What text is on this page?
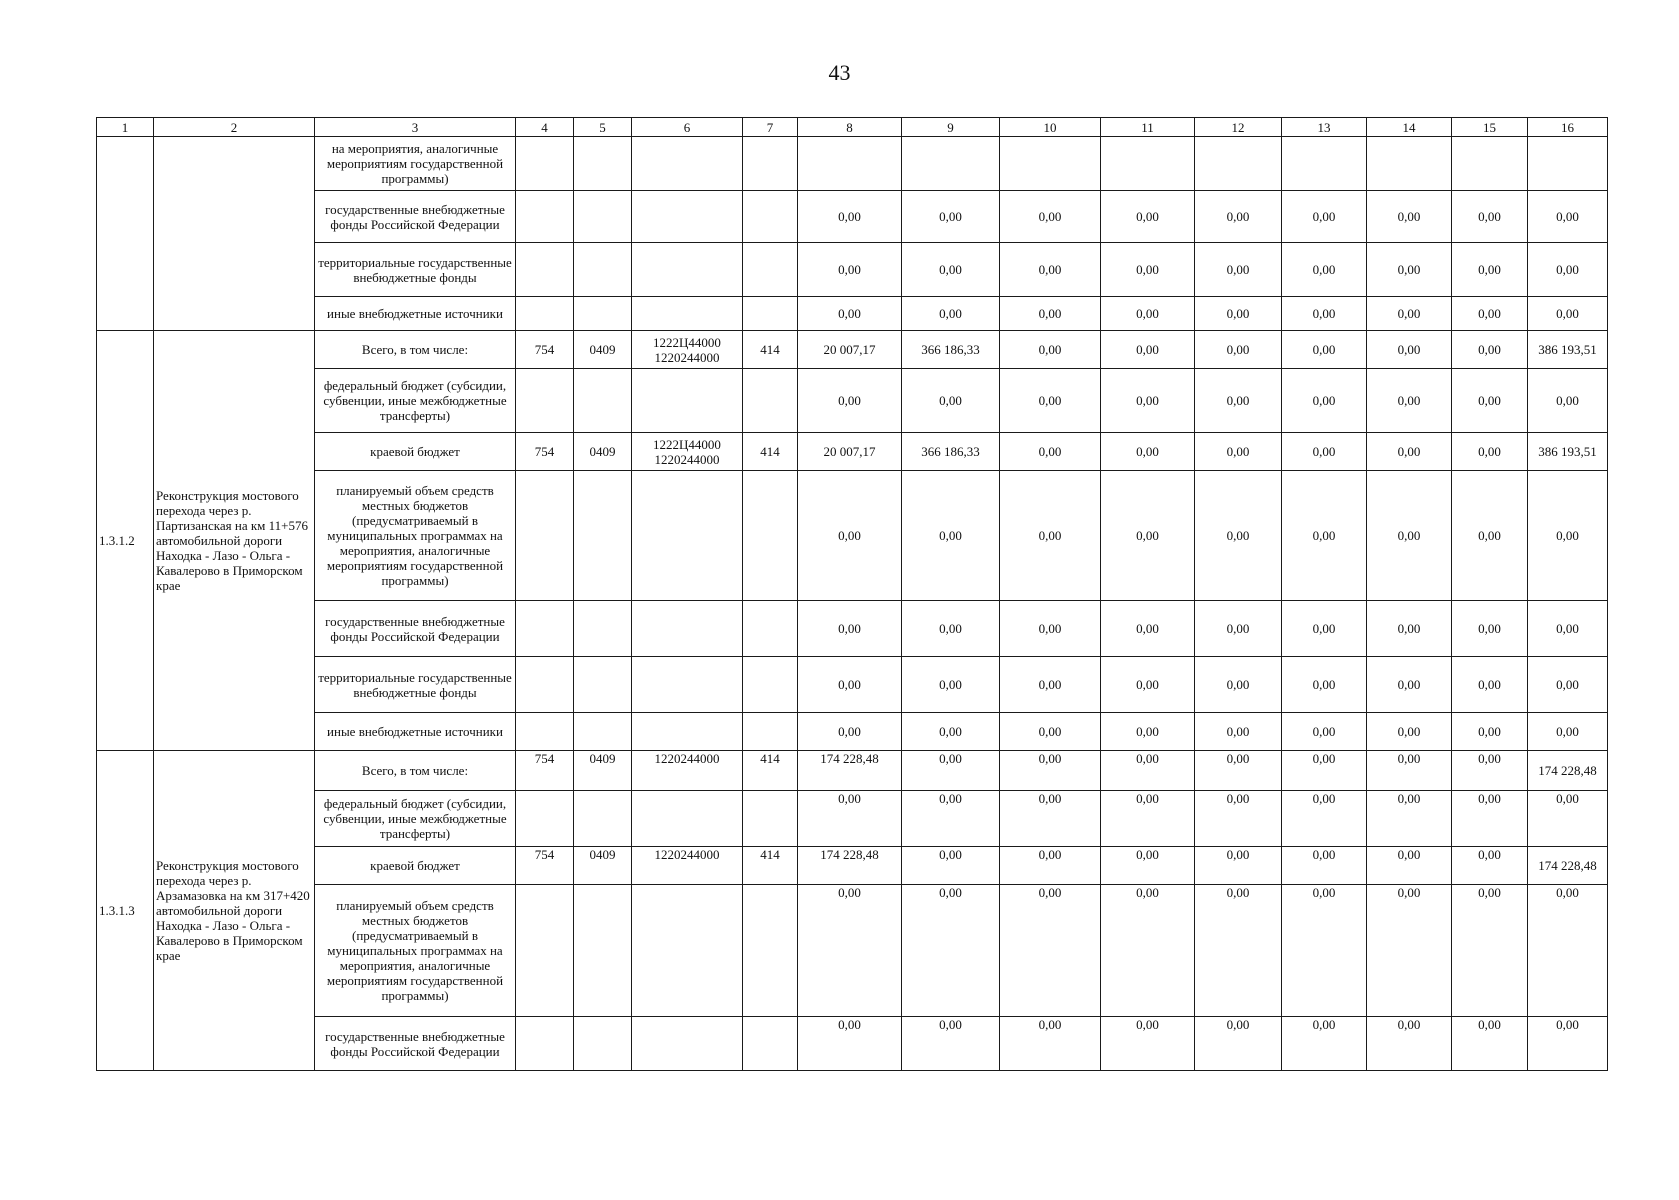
43
1	2	3	4	5	6	7	8	9	10	11	12	13	14	15	16
		на мероприятия, аналогичные мероприятиям государственной программы)													
		государственные внебюджетные фонды Российской Федерации					0,00	0,00	0,00	0,00	0,00	0,00	0,00	0,00	0,00
		территориальные государственные внебюджетные фонды					0,00	0,00	0,00	0,00	0,00	0,00	0,00	0,00	0,00
		иные внебюджетные источники					0,00	0,00	0,00	0,00	0,00	0,00	0,00	0,00	0,00
1.3.1.2	Реконструкция мостового перехода через р. Партизанская на км 11+576 автомобильной дороги Находка - Лазо - Ольга - Кавалерово в Приморском крае	Всего, в том числе:	754	0409	1222Ц44000 1220244000	414	20 007,17	366 186,33	0,00	0,00	0,00	0,00	0,00	0,00	386 193,51
		федеральный бюджет (субсидии, субвенции, иные межбюджетные трансферты)					0,00	0,00	0,00	0,00	0,00	0,00	0,00	0,00	0,00
		краевой бюджет	754	0409	1222Ц44000 1220244000	414	20 007,17	366 186,33	0,00	0,00	0,00	0,00	0,00	0,00	386 193,51
		планируемый объем средств местных бюджетов (предусматриваемый в муниципальных программах на мероприятия, аналогичные мероприятиям государственной программы)					0,00	0,00	0,00	0,00	0,00	0,00	0,00	0,00	0,00
		государственные внебюджетные фонды Российской Федерации					0,00	0,00	0,00	0,00	0,00	0,00	0,00	0,00	0,00
		территориальные государственные внебюджетные фонды					0,00	0,00	0,00	0,00	0,00	0,00	0,00	0,00	0,00
		иные внебюджетные источники					0,00	0,00	0,00	0,00	0,00	0,00	0,00	0,00	0,00
1.3.1.3	Реконструкция мостового перехода через р. Арзамазовка на км 317+420 автомобильной дороги Находка - Лазо - Ольга - Кавалерово в Приморском крае	Всего, в том числе:	754	0409	1220244000	414	174 228,48	0,00	0,00	0,00	0,00	0,00	0,00	0,00	174 228,48
		федеральный бюджет (субсидии, субвенции, иные межбюджетные трансферты)					0,00	0,00	0,00	0,00	0,00	0,00	0,00	0,00	0,00
		краевой бюджет	754	0409	1220244000	414	174 228,48	0,00	0,00	0,00	0,00	0,00	0,00	0,00	174 228,48
		планируемый объем средств местных бюджетов (предусматриваемый в муниципальных программах на мероприятия, аналогичные мероприятиям государственной программы)					0,00	0,00	0,00	0,00	0,00	0,00	0,00	0,00	0,00
		государственные внебюджетные фонды Российской Федерации					0,00	0,00	0,00	0,00	0,00	0,00	0,00	0,00	0,00
